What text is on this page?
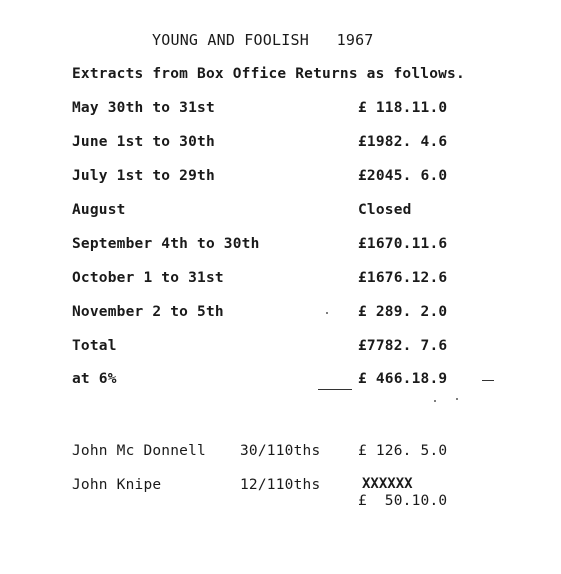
YOUNG AND FOOLISH   1967
Extracts from Box Office Returns as follows.
May 30th to 31st	£ 118.11.0
June 1st to 30th	£1982. 4.6
July 1st to 29th	£2045. 6.0
August	Closed
September 4th to 30th	£1670.11.6
October 1 to 31st	£1676.12.6
November 2 to 5th	£ 289. 2.0
Total	£7782. 7.6
at 6%	£ 466.18.9
John Mc Donnell 30/110ths	£ 126. 5.0
John Knipe	12/110ths	XXXXXX
£  50.10.0
